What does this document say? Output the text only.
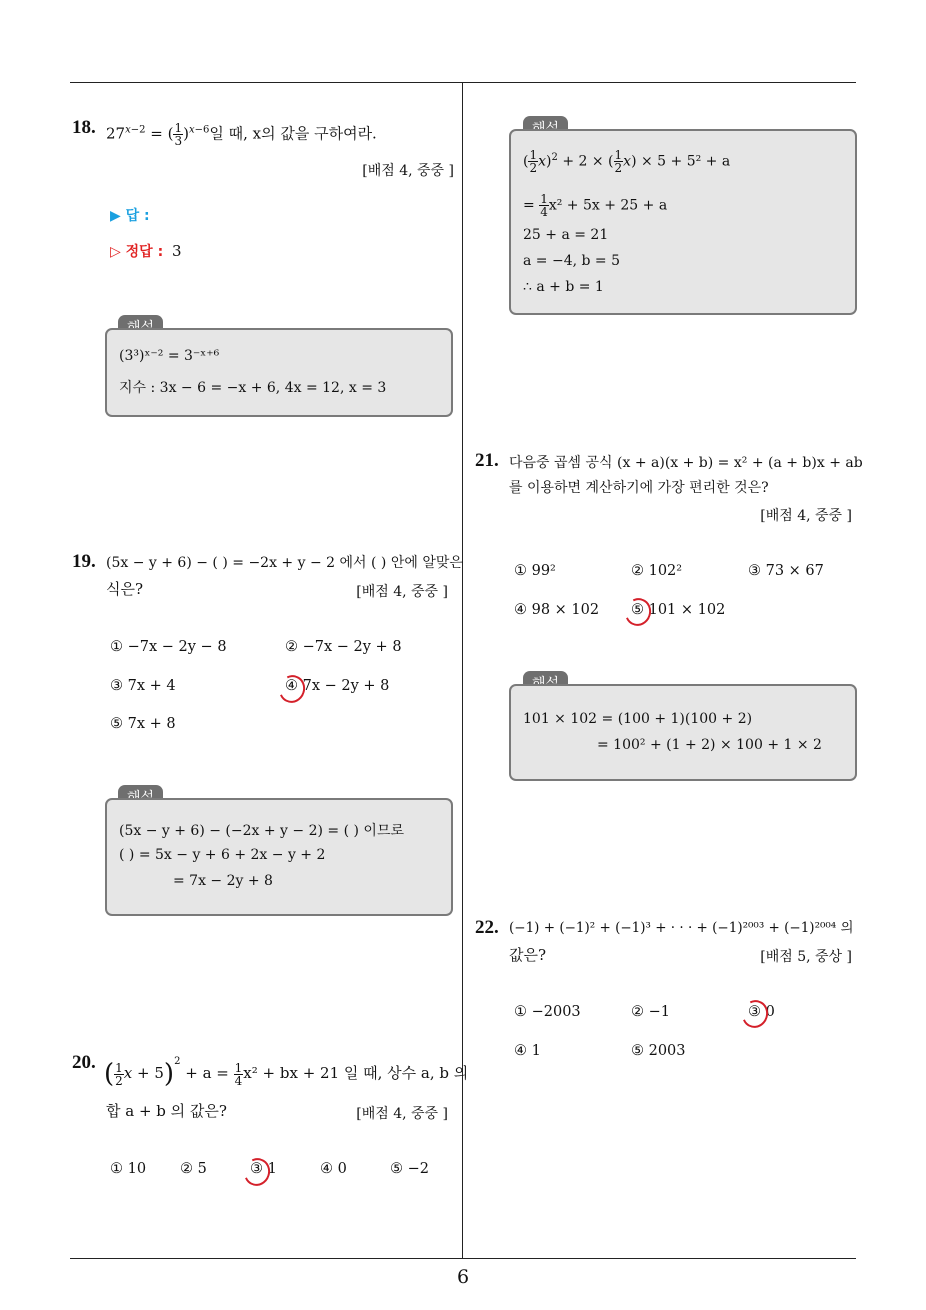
18. $27^{x-2}$ = ( $\frac{1}{3} )^{x-6}$일 때, x의 값을 구하여라.
[배점 4, 중중 ]
▶ 답 :
▷ 정답 : 3
(3³)ˣ⁻² = 3⁻ˣ⁺⁶
지수 : 3x − 6 = −x + 6, 4x = 12, x = 3
19. (5x − y + 6) − ( ) = −2x + y − 2 에서 ( ) 안에 알맞은
식은?	[배점 4, 중중 ]
① −7x − 2y − 8	② −7x − 2y + 8
③ 7x + 4	④ 7x − 2y + 8
⑤ 7x + 8
(5x − y + 6) − (−2x + y − 2) = ( ) 이므로
( ) = 5x − y + 6 + 2x − y + 2
= 7x − 2y + 8
20. ( $\frac{1}{2}$ $x + 5)^2 + a = \frac{1}{4} x^2$ + bx + 21 일 때, 상수 a, b 의
합 a + b 의 값은?	[배점 4, 중중 ]
① 10 ② 5	③ 1	④ 0	⑤ −2
( $\frac{1}{2} x)^2 + 2$ × ( $\frac{1}{2} x) \times 5 + 5^2 + a$
= $\frac{1}{4} x^2 + 5x + 25 + a$
25 + a = 21
a = −4, b = 5
∴ a + b = 1
21. 다음중 곱셈 공식 (x + a)(x + b) = x² + (a + b)x + ab
를 이용하면 계산하기에 가장 편리한 것은?
[배점 4, 중중 ]
① 99²	② 102²	③ 73 × 67
④ 98 × 102 ⑤ 101 × 102
101 × 102 = (100 + 1)(100 + 2)
= 100² + (1 + 2) × 100 + 1 × 2
22. (−1) + (−1)² + (−1)³ + · · · + (−1)²⁰⁰³ + (−1)²⁰⁰⁴ 의
값은?	[배점 5, 중상 ]
① −2003	② −1	③ 0
④ 1	⑤ 2003
6
